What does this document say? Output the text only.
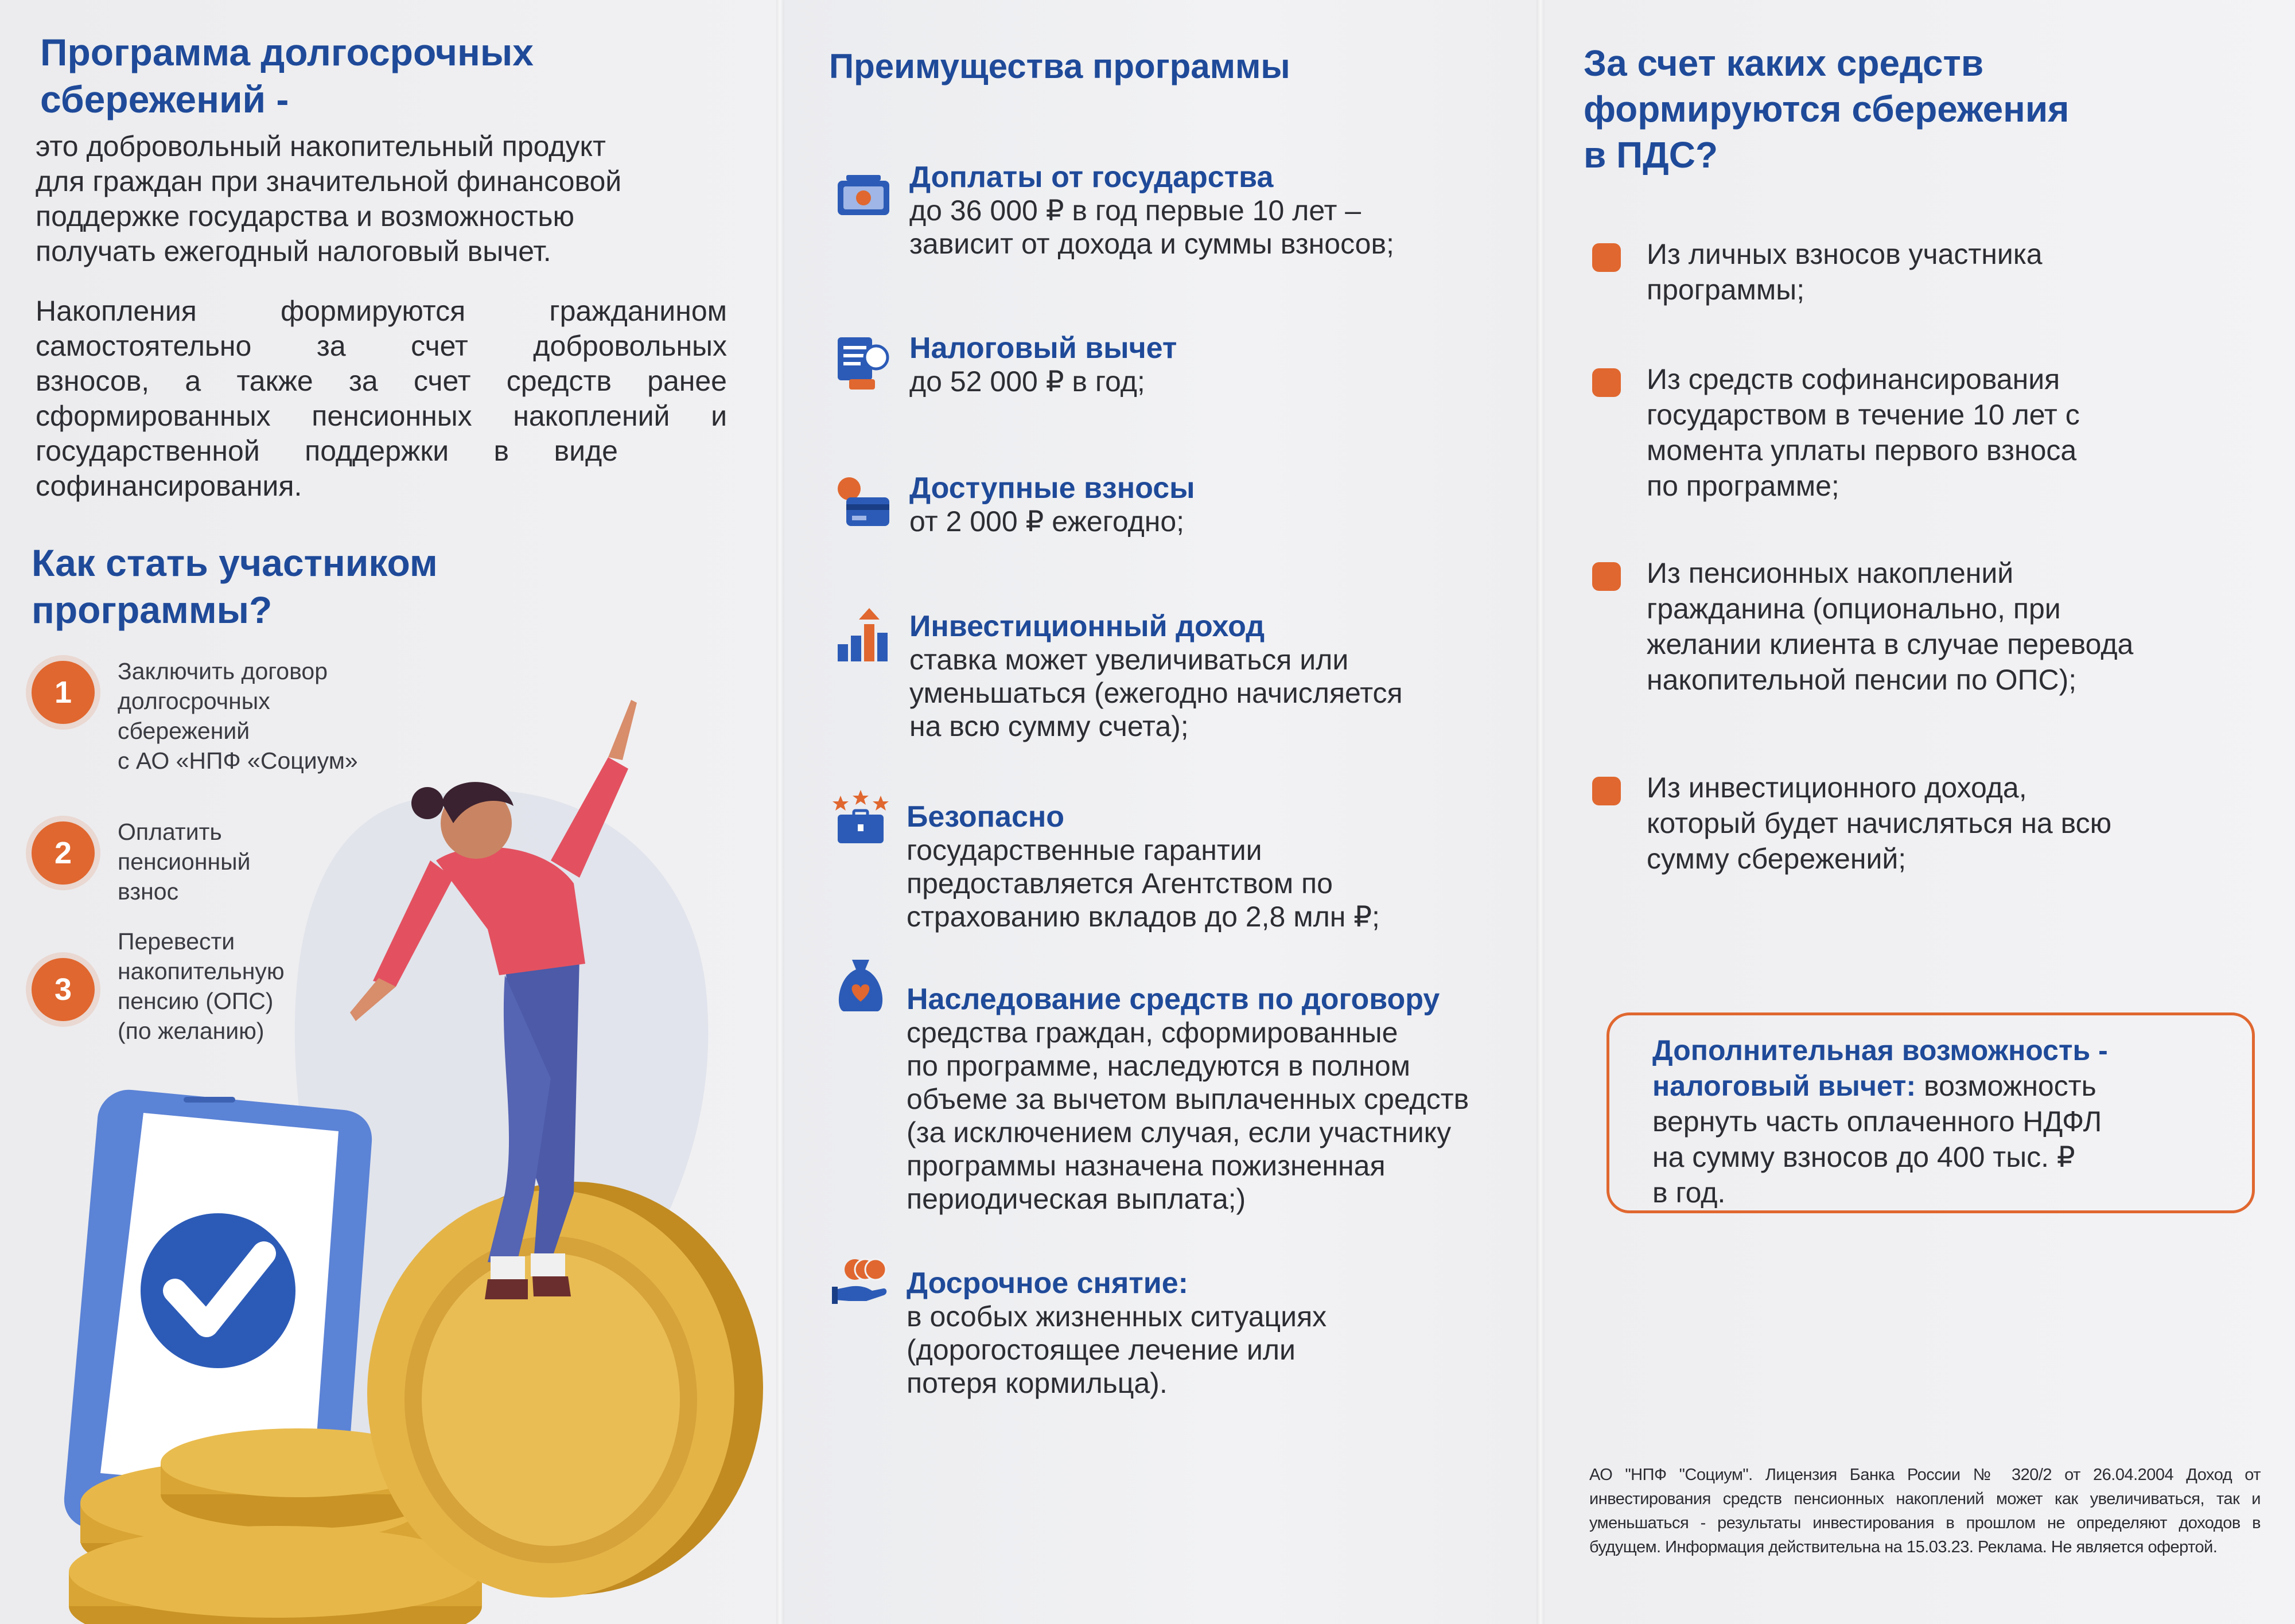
Программа долгосрочных
сбережений -
это добровольный накопительный продукт
для граждан при значительной финансовой
поддержке государства и возможностью
получать ежегодный налоговый вычет.
Накопления формируются гражданином
самостоятельно за счет добровольных
взносов, а также за счет средств ранее
сформированных пенсионных накоплений и
государственной поддержки в виде
софинансирования.
Как стать участником
программы?
1
Заключить договор
долгосрочных
сбережений
с АО «НПФ «Социум»
2
Оплатить
пенсионный
взнос
3
Перевести
накопительную
пенсию (ОПС)
(по желанию)
Преимущества программы
Доплаты от государства
до 36 000 ₽ в год первые 10 лет –
зависит от дохода и суммы взносов;
Налоговый вычет
до 52 000 ₽ в год;
Доступные взносы
от 2 000 ₽ ежегодно;
Инвестиционный доход
ставка может увеличиваться или
уменьшаться (ежегодно начисляется
на всю сумму счета);
Безопасно
государственные гарантии
предоставляется Агентством по
страхованию вкладов до 2,8 млн ₽;
Наследование средств по договору
средства граждан, сформированные
по программе, наследуются в полном
объеме за вычетом выплаченных средств
(за исключением случая, если участнику
программы назначена пожизненная
периодическая выплата;)
Досрочное снятие:
в особых жизненных ситуациях
(дорогостоящее лечение или
потеря кормильца).
За счет каких средств
формируются сбережения
в ПДС?
Из личных взносов участника
программы;
Из средств софинансирования
государством в течение 10 лет с
момента уплаты первого взноса
по программе;
Из пенсионных накоплений
гражданина (опционально, при
желании клиента в случае перевода
накопительной пенсии по ОПС);
Из инвестиционного дохода,
который будет начисляться на всю
сумму сбережений;
Дополнительная возможность -
налоговый вычет: возможность
вернуть часть оплаченного НДФЛ
на сумму взносов до 400 тыс. ₽
в год.
АО "НПФ "Социум". Лицензия Банка России № 320/2 от 26.04.2004 Доход от инвестирования средств пенсионных накоплений может как увеличиваться, так и уменьшаться - результаты инвестирования в прошлом не определяют доходов в будущем. Информация действительна на 15.03.23. Реклама. Не является офертой.
